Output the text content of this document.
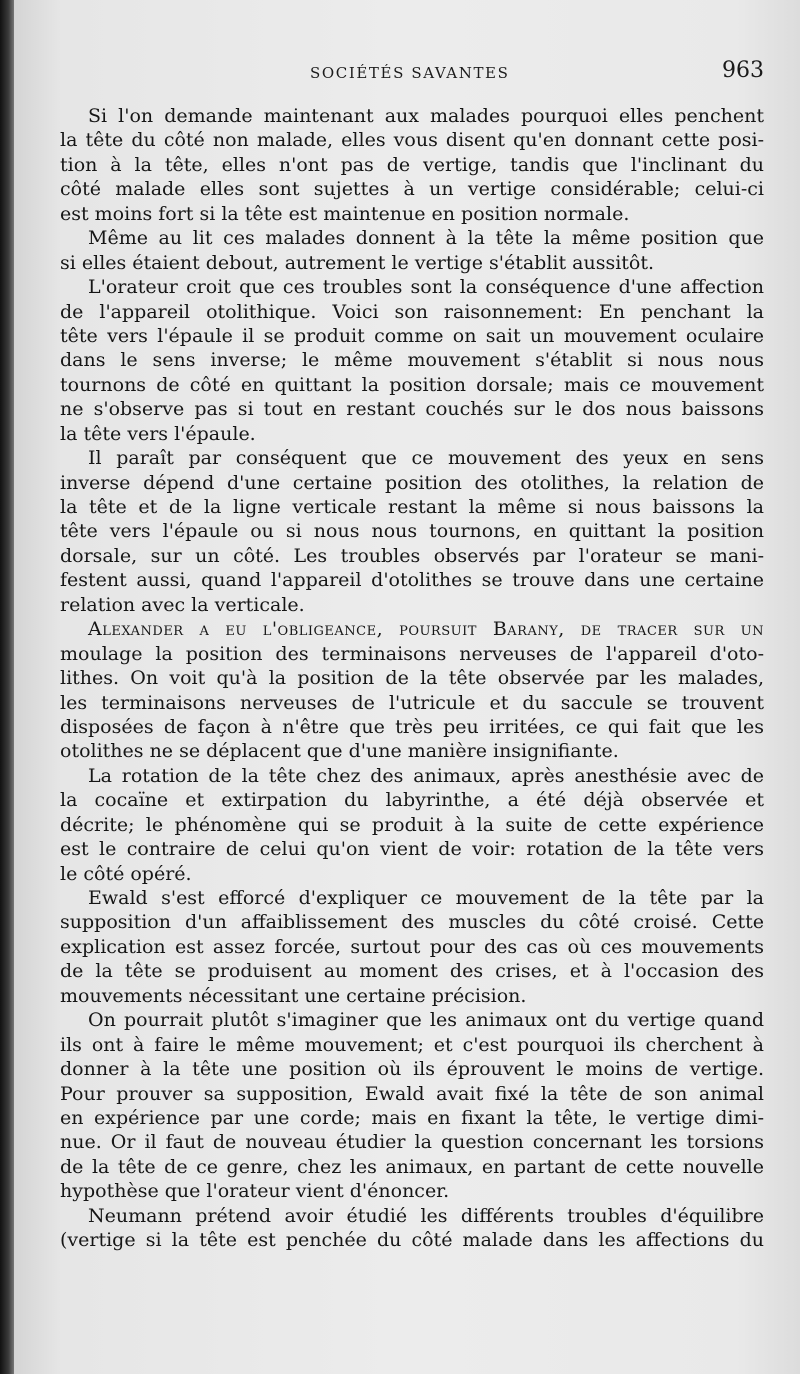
SOCIÉTÉS SAVANTES	963
Si l'on demande maintenant aux malades pourquoi elles penchent
la tête du côté non malade, elles vous disent qu'en donnant cette posi-
tion à la tête, elles n'ont pas de vertige, tandis que l'inclinant du
côté malade elles sont sujettes à un vertige considérable; celui-ci
est moins fort si la tête est maintenue en position normale.
Même au lit ces malades donnent à la tête la même position que
si elles étaient debout, autrement le vertige s'établit aussitôt.
L'orateur croit que ces troubles sont la conséquence d'une affection
de l'appareil otolithique. Voici son raisonnement: En penchant la
tête vers l'épaule il se produit comme on sait un mouvement oculaire
dans le sens inverse; le même mouvement s'établit si nous nous
tournons de côté en quittant la position dorsale; mais ce mouvement
ne s'observe pas si tout en restant couchés sur le dos nous baissons
la tête vers l'épaule.
Il paraît par conséquent que ce mouvement des yeux en sens
inverse dépend d'une certaine position des otolithes, la relation de
la tête et de la ligne verticale restant la même si nous baissons la
tête vers l'épaule ou si nous nous tournons, en quittant la position
dorsale, sur un côté. Les troubles observés par l'orateur se mani-
festent aussi, quand l'appareil d'otolithes se trouve dans une certaine
relation avec la verticale.
Alexander a eu l'obligeance, poursuit Barany, de tracer sur un
moulage la position des terminaisons nerveuses de l'appareil d'oto-
lithes. On voit qu'à la position de la tête observée par les malades,
les terminaisons nerveuses de l'utricule et du saccule se trouvent
disposées de façon à n'être que très peu irritées, ce qui fait que les
otolithes ne se déplacent que d'une manière insignifiante.
La rotation de la tête chez des animaux, après anesthésie avec de
la cocaïne et extirpation du labyrinthe, a été déjà observée et
décrite; le phénomène qui se produit à la suite de cette expérience
est le contraire de celui qu'on vient de voir: rotation de la tête vers
le côté opéré.
Ewald s'est efforcé d'expliquer ce mouvement de la tête par la
supposition d'un affaiblissement des muscles du côté croisé. Cette
explication est assez forcée, surtout pour des cas où ces mouvements
de la tête se produisent au moment des crises, et à l'occasion des
mouvements nécessitant une certaine précision.
On pourrait plutôt s'imaginer que les animaux ont du vertige quand
ils ont à faire le même mouvement; et c'est pourquoi ils cherchent à
donner à la tête une position où ils éprouvent le moins de vertige.
Pour prouver sa supposition, Ewald avait fixé la tête de son animal
en expérience par une corde; mais en fixant la tête, le vertige dimi-
nue. Or il faut de nouveau étudier la question concernant les torsions
de la tête de ce genre, chez les animaux, en partant de cette nouvelle
hypothèse que l'orateur vient d'énoncer.
Neumann prétend avoir étudié les différents troubles d'équilibre
(vertige si la tête est penchée du côté malade dans les affections du
